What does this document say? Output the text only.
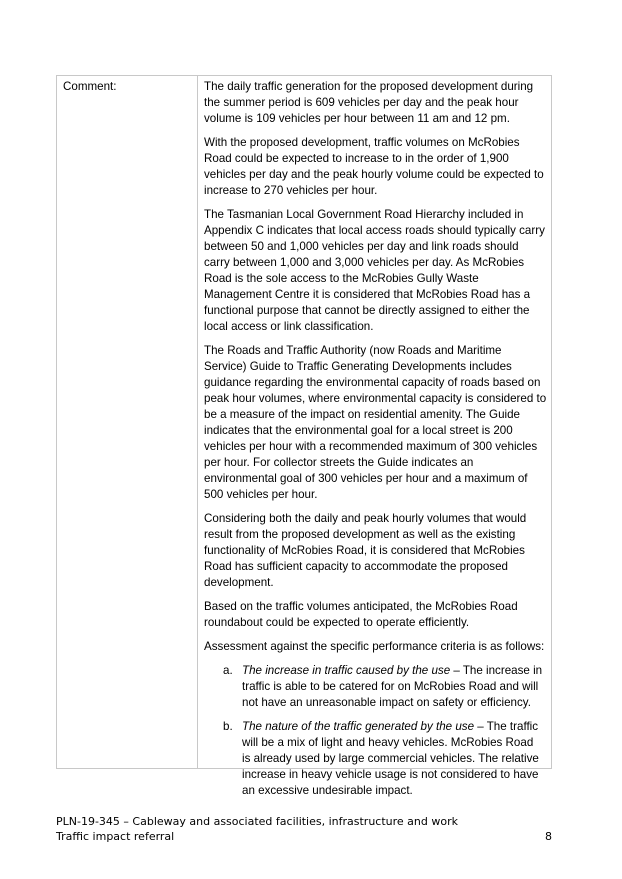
Comment:	The daily traffic generation for the proposed development during the summer period is 609 vehicles per day and the peak hour volume is 109 vehicles per hour between 11 am and 12 pm.

With the proposed development, traffic volumes on McRobies Road could be expected to increase to in the order of 1,900 vehicles per day and the peak hourly volume could be expected to increase to 270 vehicles per hour.

The Tasmanian Local Government Road Hierarchy included in Appendix C indicates that local access roads should typically carry between 50 and 1,000 vehicles per day and link roads should carry between 1,000 and 3,000 vehicles per day. As McRobies Road is the sole access to the McRobies Gully Waste Management Centre it is considered that McRobies Road has a functional purpose that cannot be directly assigned to either the local access or link classification.

The Roads and Traffic Authority (now Roads and Maritime Service) Guide to Traffic Generating Developments includes guidance regarding the environmental capacity of roads based on peak hour volumes, where environmental capacity is considered to be a measure of the impact on residential amenity. The Guide indicates that the environmental goal for a local street is 200 vehicles per hour with a recommended maximum of 300 vehicles per hour. For collector streets the Guide indicates an environmental goal of 300 vehicles per hour and a maximum of 500 vehicles per hour.

Considering both the daily and peak hourly volumes that would result from the proposed development as well as the existing functionality of McRobies Road, it is considered that McRobies Road has sufficient capacity to accommodate the proposed development.

Based on the traffic volumes anticipated, the McRobies Road roundabout could be expected to operate efficiently.

Assessment against the specific performance criteria is as follows:

a. The increase in traffic caused by the use – The increase in traffic is able to be catered for on McRobies Road and will not have an unreasonable impact on safety or efficiency.
b. The nature of the traffic generated by the use – The traffic will be a mix of light and heavy vehicles. McRobies Road is already used by large commercial vehicles. The relative increase in heavy vehicle usage is not considered to have an excessive undesirable impact.
PLN-19-345 – Cableway and associated facilities, infrastructure and work
Traffic impact referral	8
